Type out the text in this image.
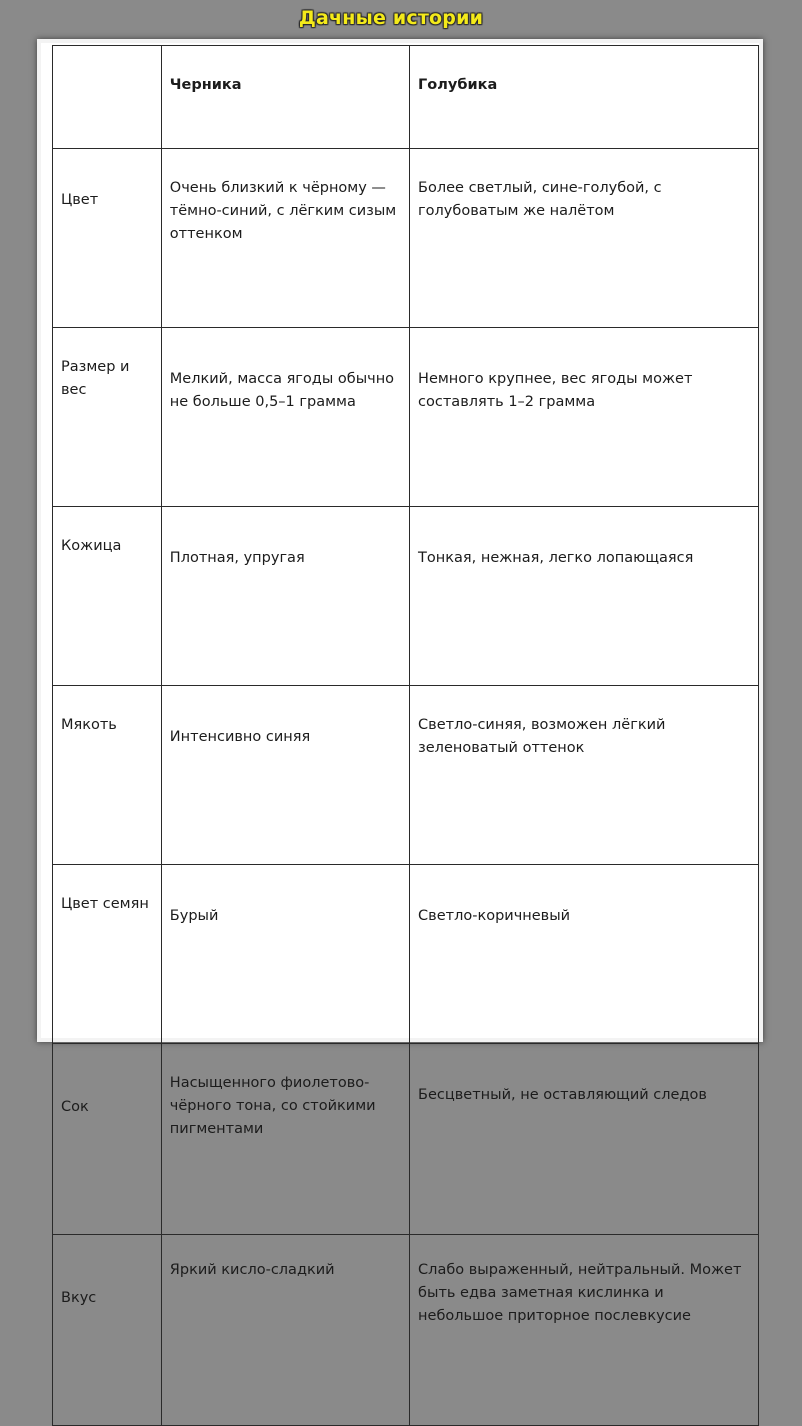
Дачные истории
	Черника	Голубика
Цвет	Очень близкий к чёрному — тёмно-синий, с лёгким сизым оттенком	Более светлый, сине-голубой, с голубоватым же налётом
Размер и вес	Мелкий, масса ягоды обычно не больше 0,5–1 грамма	Немного крупнее, вес ягоды может составлять 1–2 грамма
Кожица	Плотная, упругая	Тонкая, нежная, легко лопающаяся
Мякоть	Интенсивно синяя	Светло-синяя, возможен лёгкий зеленоватый оттенок
Цвет семян	Бурый	Светло-коричневый
Сок	Насыщенного фиолетово-чёрного тона, со стойкими пигментами	Бесцветный, не оставляющий следов
Вкус	Яркий кисло-сладкий	Слабо выраженный, нейтральный. Может быть едва заметная кислинка и небольшое приторное послевкусие
